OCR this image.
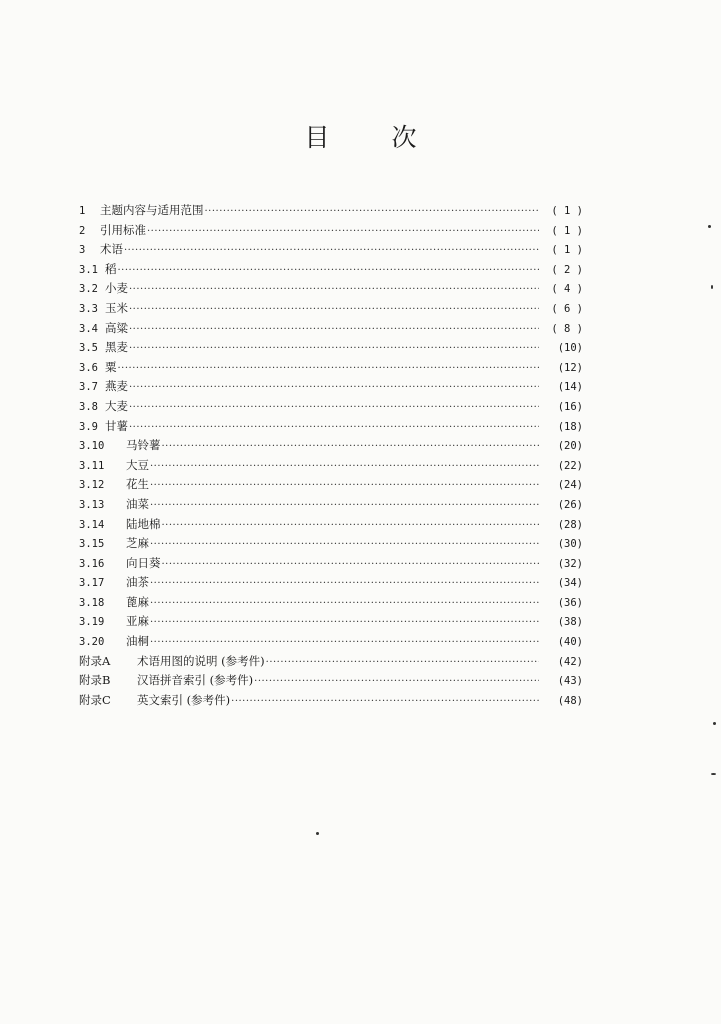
目 次
1	主题内容与适用范围 ·····	( 1 )
2	引用标准 ·····	( 1 )
3	术语 ·····	( 1 )
3.1 稻 ·····	( 2 )
3.2 小麦 ·····	( 4 )
3.3 玉米 ·····	( 6 )
3.4 高粱 ·····	( 8 )
3.5 黑麦 ·····	(10)
3.6 粟 ·····	(12)
3.7 燕麦 ·····	(14)
3.8 大麦 ·····	(16)
3.9 甘薯 ·····	(18)
3.10	马铃薯 ·····	(20)
3.11	大豆 ·····	(22)
3.12	花生 ·····	(24)
3.13	油菜 ·····	(26)
3.14	陆地棉 ·····	(28)
3.15	芝麻 ·····	(30)
3.16	向日葵 ·····	(32)
3.17	油茶 ·····	(34)
3.18	蓖麻 ·····	(36)
3.19	亚麻 ·····	(38)
3.20	油桐 ·····	(40)
附录A	术语用图的说明 (参考件) ·····	(42)
附录B	汉语拼音索引 (参考件) ·····	(43)
附录C	英文索引 (参考件) ·····	(48)
